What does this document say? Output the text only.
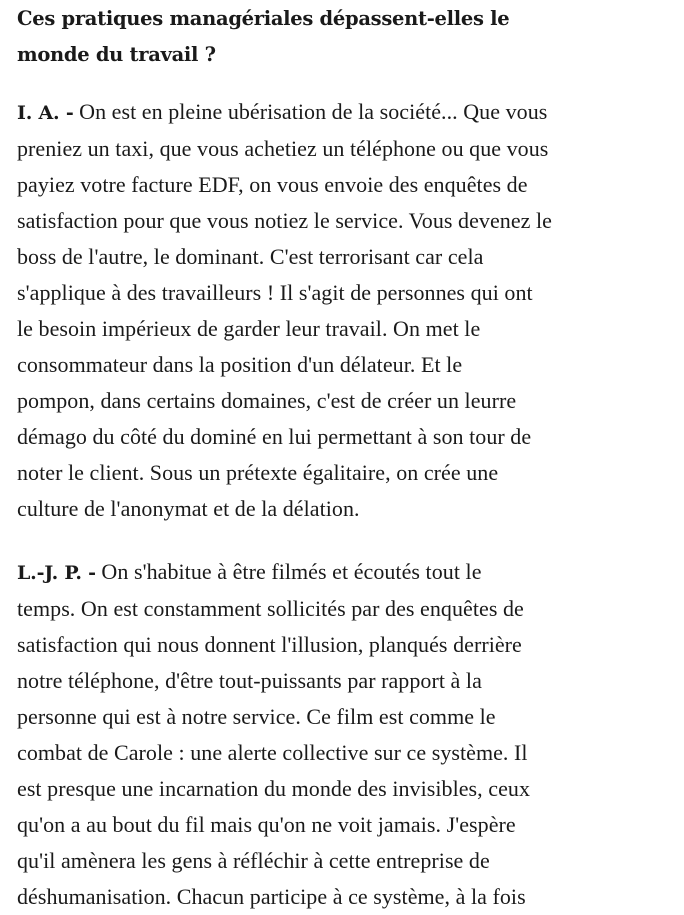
Ces pratiques managériales dépassent-elles le
monde du travail ?

I. A. - On est en pleine ubérisation de la société... Que vous
preniez un taxi, que vous achetiez un téléphone ou que vous
payiez votre facture EDF, on vous envoie des enquêtes de
satisfaction pour que vous notiez le service. Vous devenez le
boss de l'autre, le dominant. C'est terrorisant car cela
s'applique à des travailleurs ! Il s'agit de personnes qui ont
le besoin impérieux de garder leur travail. On met le
consommateur dans la position d'un délateur. Et le
pompon, dans certains domaines, c'est de créer un leurre
démago du côté du dominé en lui permettant à son tour de
noter le client. Sous un prétexte égalitaire, on crée une
culture de l'anonymat et de la délation.

L.-J. P. - On s'habitue à être filmés et écoutés tout le
temps. On est constamment sollicités par des enquêtes de
satisfaction qui nous donnent l'illusion, planqués derrière
notre téléphone, d'être tout-puissants par rapport à la
personne qui est à notre service. Ce film est comme le
combat de Carole : une alerte collective sur ce système. Il
est presque une incarnation du monde des invisibles, ceux
qu'on a au bout du fil mais qu'on ne voit jamais. J'espère
qu'il amènera les gens à réfléchir à cette entreprise de
déshumanisation. Chacun participe à ce système, à la fois
